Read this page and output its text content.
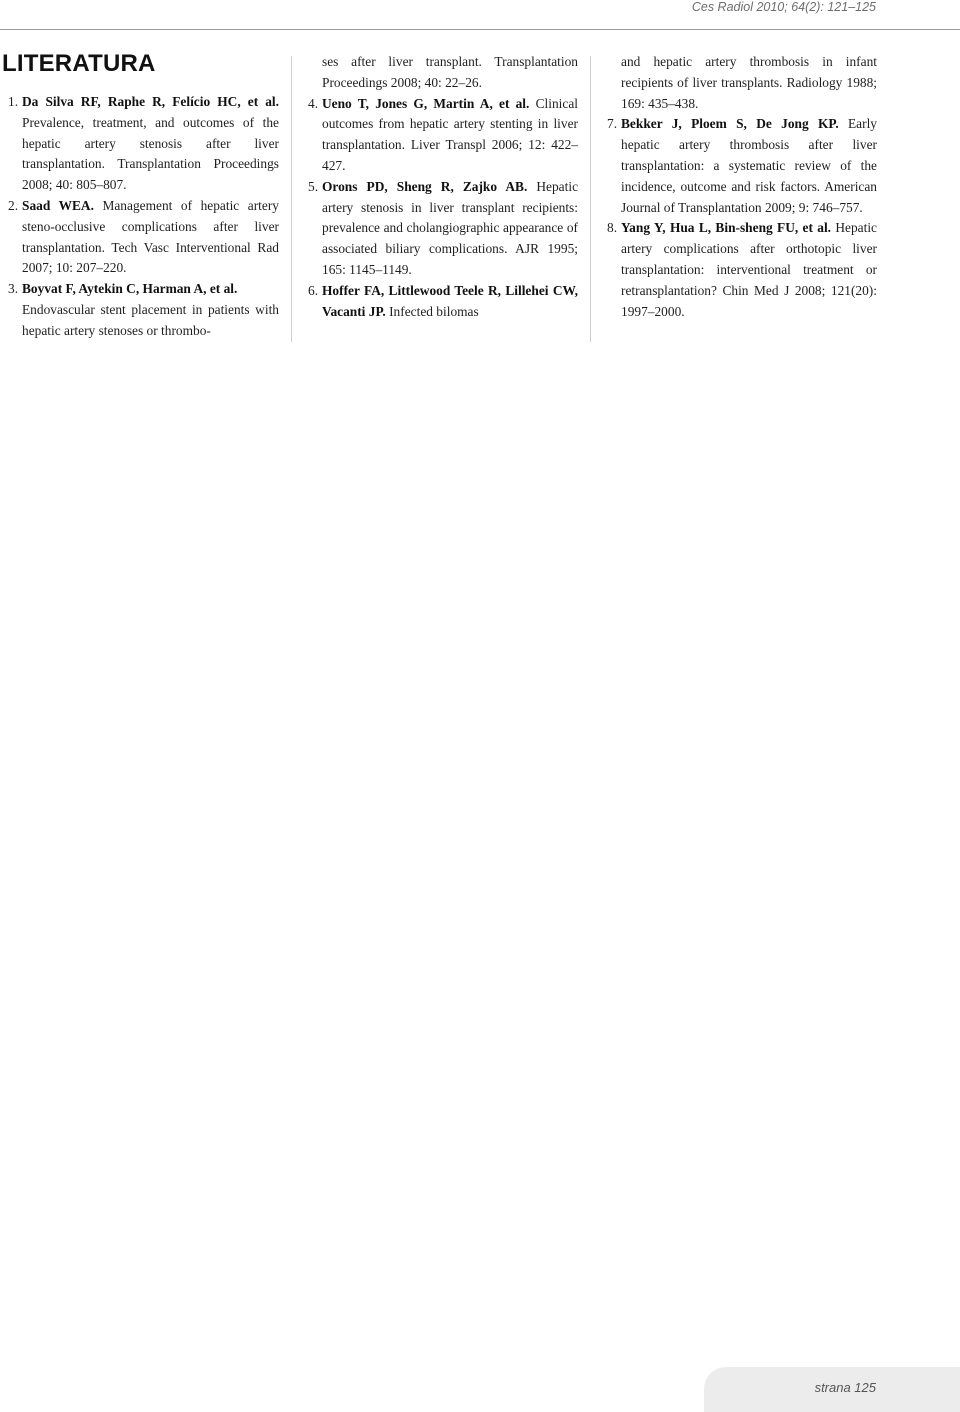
Ces Radiol 2010; 64(2): 121–125
LITERATURA

1. Da Silva RF, Raphe R, Felício HC, et al. Prevalence, treatment, and outcomes of the hepatic artery stenosis after liver transplantation. Transplantation Proceedings 2008; 40: 805–807.

2. Saad WEA. Management of hepatic artery steno-occlusive complications after liver transplantation. Tech Vasc Interventional Rad 2007; 10: 207–220.

3. Boyvat F, Aytekin C, Harman A, et al.

Endovascular stent placement in patients with hepatic artery stenoses or thrombo-

ses after liver transplant. Transplantation Proceedings 2008; 40: 22–26.

4. Ueno T, Jones G, Martin A, et al. Clinical outcomes from hepatic artery stenting in liver transplantation. Liver Transpl 2006; 12: 422–427.

5. Orons PD, Sheng R, Zajko AB. Hepatic artery stenosis in liver transplant recipients: prevalence and cholangiographic appearance of associated biliary complications. AJR 1995; 165: 1145–1149.

6. Hoffer FA, Littlewood Teele R, Lillehei CW, Vacanti JP. Infected bilomas

and hepatic artery thrombosis in infant recipients of liver transplants. Radiology 1988; 169: 435–438.

7. Bekker J, Ploem S, De Jong KP. Early hepatic artery thrombosis after liver transplantation: a systematic review of the incidence, outcome and risk factors. American Journal of Transplantation 2009; 9: 746–757.

8. Yang Y, Hua L, Bin-sheng FU, et al. Hepatic artery complications after orthotopic liver transplantation: interventional treatment or retransplantation? Chin Med J 2008; 121(20): 1997–2000.

strana 125
